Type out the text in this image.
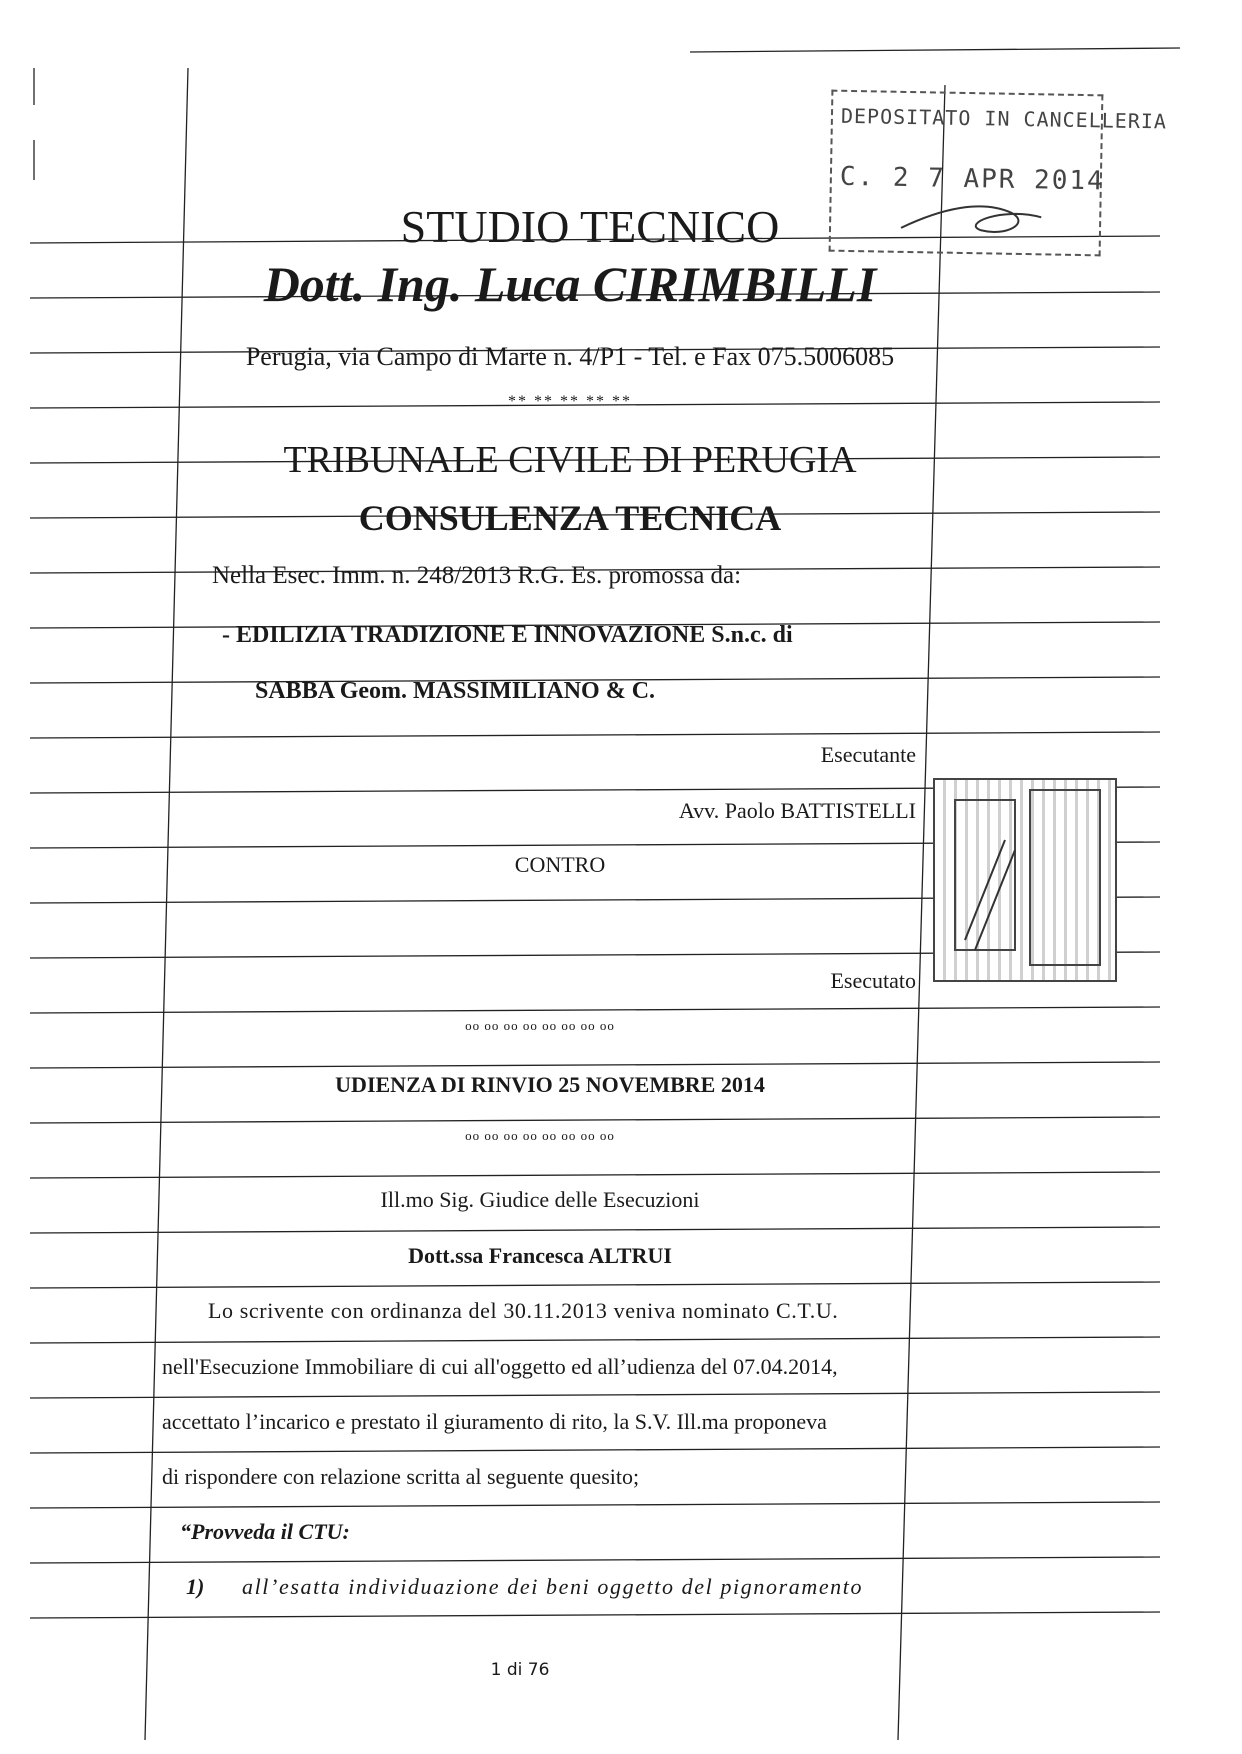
DEPOSITATO IN CANCELLERIA
C. 2 7 APR 2014
STUDIO TECNICO
Dott. Ing. Luca CIRIMBILLI
Perugia, via Campo di Marte n. 4/P1 - Tel. e Fax 075.5006085
** ** ** ** **
TRIBUNALE CIVILE DI PERUGIA
CONSULENZA TECNICA
Nella Esec. Imm. n. 248/2013 R.G. Es. promossa da:
- EDILIZIA TRADIZIONE E INNOVAZIONE S.n.c. di
SABBA Geom. MASSIMILIANO & C.
Esecutante
Avv. Paolo BATTISTELLI
CONTRO
Esecutato
oo oo oo oo oo oo oo oo
UDIENZA DI RINVIO 25 NOVEMBRE 2014
oo oo oo oo oo oo oo oo
Ill.mo Sig. Giudice delle Esecuzioni
Dott.ssa Francesca ALTRUI
Lo scrivente con ordinanza del 30.11.2013 veniva nominato C.T.U.
nell'Esecuzione Immobiliare di cui all'oggetto ed all’udienza del 07.04.2014,
accettato l’incarico e prestato il giuramento di rito, la S.V. Ill.ma proponeva
di rispondere con relazione scritta al seguente quesito;
“Provveda il CTU:
1) all’esatta individuazione dei beni oggetto del pignoramento
1 di 76
